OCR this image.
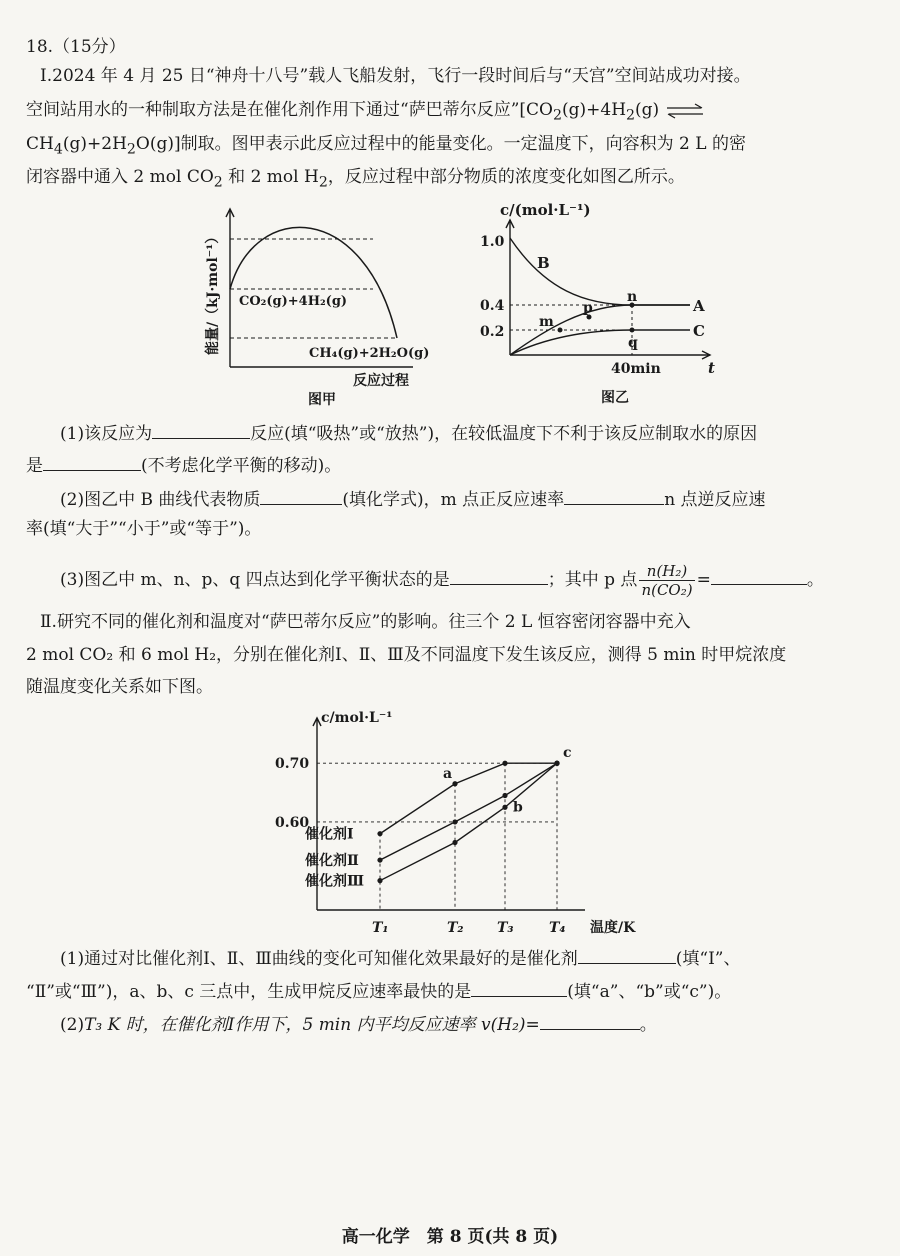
18.（15分）
Ⅰ.2024 年 4 月 25 日“神舟十八号”载人飞船发射，飞行一段时间后与“天宫”空间站成功对接。
空间站用水的一种制取方法是在催化剂作用下通过“萨巴蒂尔反应$”[CO_2(g)+4H_2(g)$ ⇌
$CH_4(g)+2H_2O(g)$]制取。图甲表示此反应过程中的能量变化。一定温度下，向容积为 2 L 的密
闭容器中通入 2 mol $CO_2$ 和 2 mol $H_2$，反应过程中部分物质的浓度变化如图乙所示。
CO₂(g)+4H₂(g)
CH₄(g)+2H₂O(g)
能量/（kJ·mol⁻¹）
反应过程
图甲
c/(mol·L⁻¹)
1.0
0.4
0.2
40min	t
B
A
C
m
n
p
q
图乙
(1)该反应为	反应(填“吸热”或“放热”)，在较低温度下不利于该反应制取水的原因
是	(不考虑化学平衡的移动)。
(2)图乙中 B 曲线代表物质	(填化学式)，m 点正反应速率	n 点逆反应速
率(填“大于”“小于”或“等于”)。
(3)图乙中 m、n、p、q 四点达到化学平衡状态的是	；其中 p 点 $\frac{\text{n(H₂)}}{\text{n(CO₂)}}$ =	。
Ⅱ.研究不同的催化剂和温度对“萨巴蒂尔反应”的影响。往三个 2 L 恒容密闭容器中充入
2 mol CO₂ 和 6 mol H₂，分别在催化剂Ⅰ、Ⅱ、Ⅲ及不同温度下发生该反应，测得 5 min 时甲烷浓度
随温度变化关系如下图。
c/mol·L⁻¹
温度/K
0.70
0.60
T₁	T₂ T₃	T₄
催化剂Ⅰ
催化剂Ⅱ
催化剂Ⅲ
a
b
c
(1)通过对比催化剂Ⅰ、Ⅱ、Ⅲ曲线的变化可知催化效果最好的是催化剂	(填“Ⅰ”、
“Ⅱ”或“Ⅲ”)，a、b、c 三点中，生成甲烷反应速率最快的是	(填“a”、“b”或“c”)。
(2)T₃ K 时，在催化剂Ⅰ作用下，5 min 内平均反应速率 v(H₂)=	。
高一化学　第 8 页(共 8 页)
